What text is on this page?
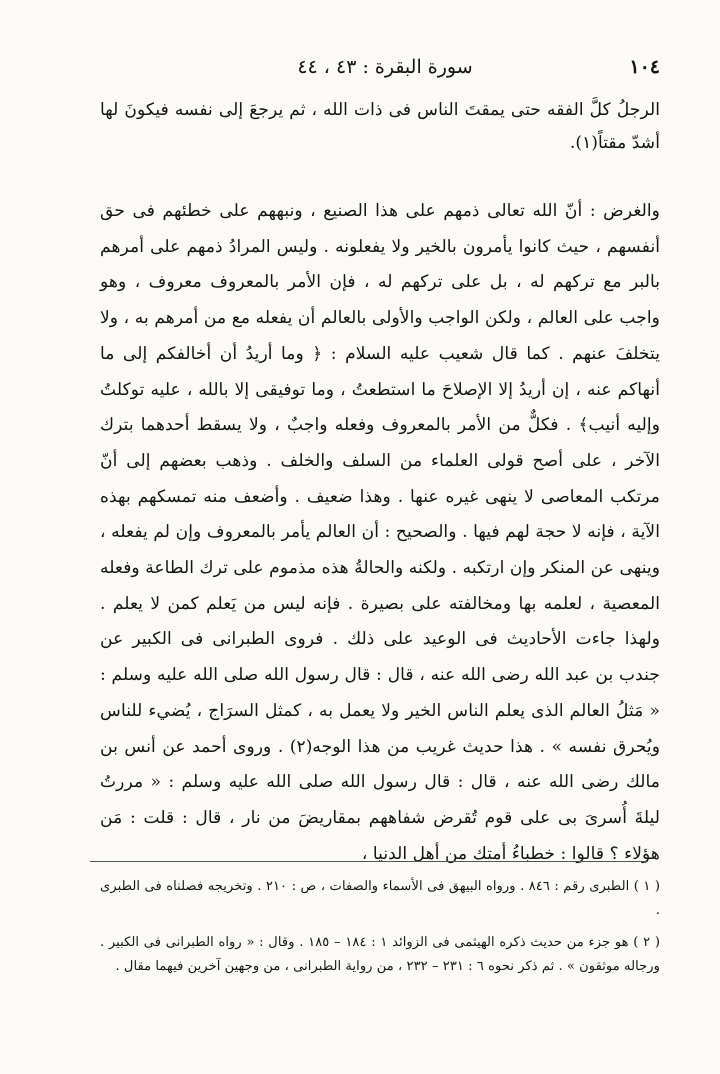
سورة البقرة : ٤٣ ، ٤٤	١٠٤

الرجلُ كلَّ الفقه حتى يمقتَ الناس فى ذات الله ، ثم يرجعَ إلى نفسه فيكونَ لها أشدّ مقتاً(١).

والغرض : أنّ الله تعالى ذمهم على هذا الصنيع ، ونبههم على خطئهم فى حق أنفسهم ، حيث كانوا يأمرون بالخير ولا يفعلونه . وليس المرادُ ذمهم على أمرهم بالبر مع تركهم له ، بل على تركهم له ، فإن الأمر بالمعروف معروف ، وهو واجب على العالم ، ولكن الواجب والأولى بالعالم أن يفعله مع من أمرهم به ، ولا يتخلفَ عنهم . كما قال شعيب عليه السلام : ﴿ وما أريدُ أن أخالفكم إلى ما أنهاكم عنه ، إن أريدُ إلا الإصلاحَ ما استطعتُ ، وما توفيقى إلا بالله ، عليه توكلتُ وإليه أنيب﴾ . فكلٌّ من الأمر بالمعروف وفعله واجبٌ ، ولا يسقط أحدهما بترك الآخر ، على أصح قولى العلماء من السلف والخلف . وذهب بعضهم إلى أنّ مرتكب المعاصى لا ينهى غيره عنها . وهذا ضعيف . وأضعف منه تمسكهم بهذه الآية ، فإنه لا حجة لهم فيها . والصحيح : أن العالم يأمر بالمعروف وإن لم يفعله ، وينهى عن المنكر وإن ارتكبه . ولكنه والحالةُ هذه مذموم على ترك الطاعة وفعله المعصية ، لعلمه بها ومخالفته على بصيرة . فإنه ليس من يَعلم كمن لا يعلم . ولهذا جاءت الأحاديث فى الوعيد على ذلك . فروى الطبرانى فى الكبير عن جندب بن عبد الله رضى الله عنه ، قال : قال رسول الله صلى الله عليه وسلم : « مَثلُ العالم الذى يعلم الناس الخير ولا يعمل به ، كمثل السرَاج ، يُضيء للناس ويُحرق نفسه » . هذا حديث غريب من هذا الوجه(٢) . وروى أحمد عن أنس بن مالك رضى الله عنه ، قال : قال رسول الله صلى الله عليه وسلم : « مررتُ ليلةَ أُسرىَ بى على قوم تُقرض شفاههم بمقاريضَ من نار ، قال : قلت : مَن هؤلاء ؟ قالوا : خطباءُ أمتك من أهل الدنيا ،

( ١ ) الطبرى رقم : ٨٤٦ . ورواه البيهق فى الأسماء والصفات ، ص : ٢١٠ . وتخريجه فصلناه فى الطبرى .

( ٢ ) هو جزء من حديث ذكره الهيثمى فى الزوائد ١ : ١٨٤ – ١٨٥ . وقال : « رواه الطبرانى فى الكبير . ورجاله موثقون » . ثم ذكر نحوه ٦ : ٢٣١ – ٢٣٢ ، من رواية الطبرانى ، من وجهين آخرين فيهما مقال .
